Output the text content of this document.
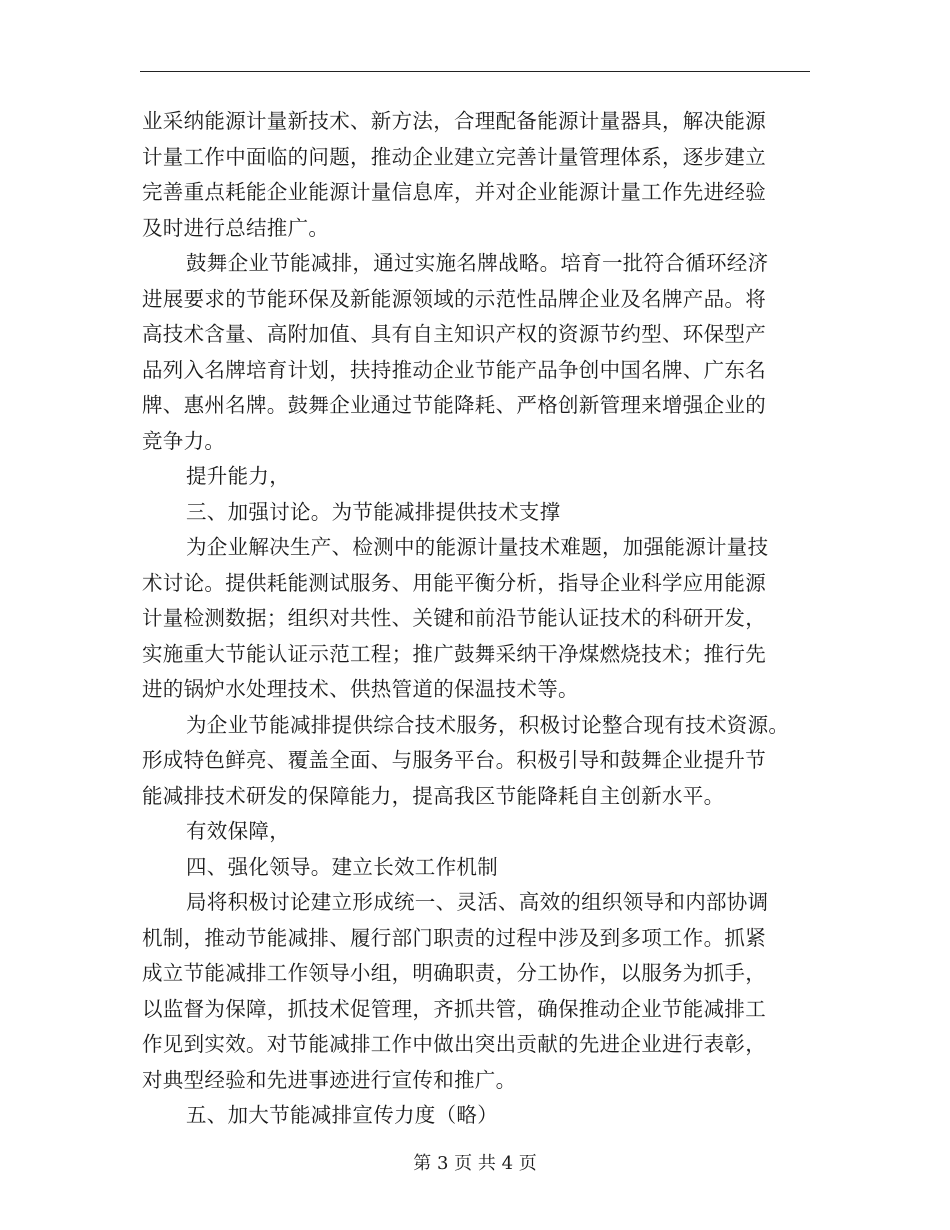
业采纳能源计量新技术、新方法，合理配备能源计量器具，解决能源
计量工作中面临的问题，推动企业建立完善计量管理体系，逐步建立
完善重点耗能企业能源计量信息库，并对企业能源计量工作先进经验
及时进行总结推广。
鼓舞企业节能减排，通过实施名牌战略。培育一批符合循环经济
进展要求的节能环保及新能源领域的示范性品牌企业及名牌产品。将
高技术含量、高附加值、具有自主知识产权的资源节约型、环保型产
品列入名牌培育计划，扶持推动企业节能产品争创中国名牌、广东名
牌、惠州名牌。鼓舞企业通过节能降耗、严格创新管理来增强企业的
竞争力。
提升能力，
三、加强讨论。为节能减排提供技术支撑
为企业解决生产、检测中的能源计量技术难题，加强能源计量技
术讨论。提供耗能测试服务、用能平衡分析，指导企业科学应用能源
计量检测数据；组织对共性、关键和前沿节能认证技术的科研开发，
实施重大节能认证示范工程；推广鼓舞采纳干净煤燃烧技术；推行先
进的锅炉水处理技术、供热管道的保温技术等。
为企业节能减排提供综合技术服务，积极讨论整合现有技术资源。
形成特色鲜亮、覆盖全面、与服务平台。积极引导和鼓舞企业提升节
能减排技术研发的保障能力，提高我区节能降耗自主创新水平。
有效保障，
四、强化领导。建立长效工作机制
局将积极讨论建立形成统一、灵活、高效的组织领导和内部协调
机制，推动节能减排、履行部门职责的过程中涉及到多项工作。抓紧
成立节能减排工作领导小组，明确职责，分工协作，以服务为抓手，
以监督为保障，抓技术促管理，齐抓共管，确保推动企业节能减排工
作见到实效。对节能减排工作中做出突出贡献的先进企业进行表彰，
对典型经验和先进事迹进行宣传和推广。
五、加大节能减排宣传力度（略）
第 3 页 共 4 页
